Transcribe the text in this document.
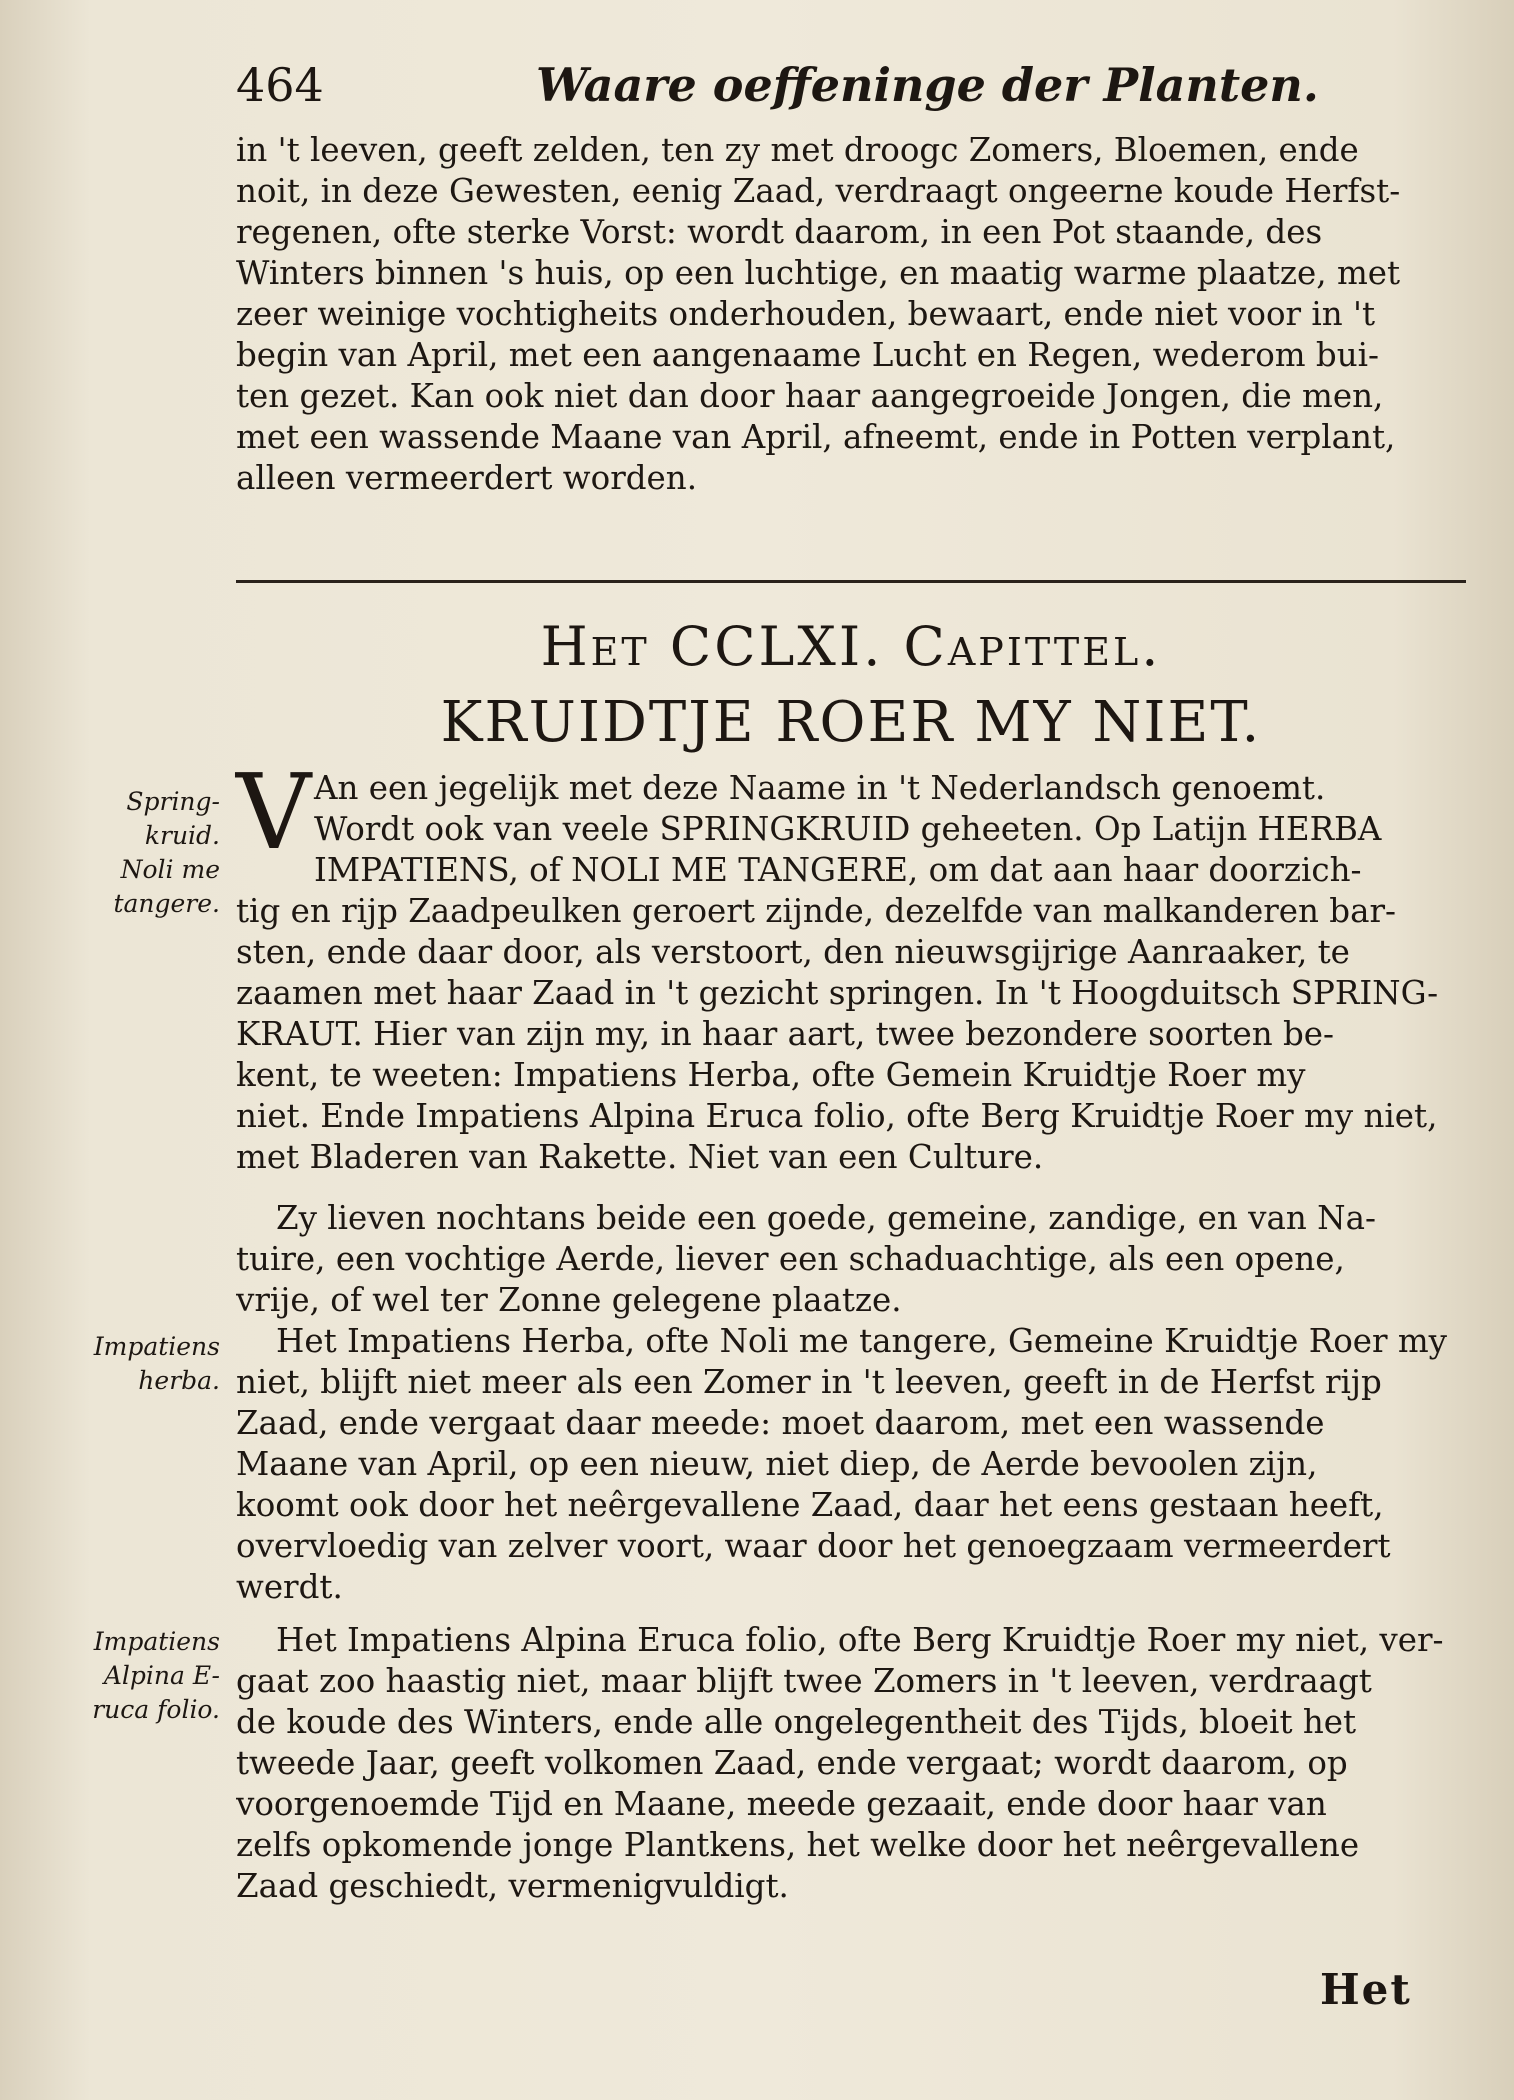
464	Waare oeffeninge der Planten.
in 't leeven, geeft zelden, ten zy met droogc Zomers, Bloemen, ende
noit, in deze Gewesten, eenig Zaad, verdraagt ongeerne koude Herfst-
regenen, ofte sterke Vorst: wordt daarom, in een Pot staande, des
Winters binnen 's huis, op een luchtige, en maatig warme plaatze, met
zeer weinige vochtigheits onderhouden, bewaart, ende niet voor in 't
begin van April, met een aangenaame Lucht en Regen, wederom bui-
ten gezet. Kan ook niet dan door haar aangegroeide Jongen, die men,
met een wassende Maane van April, afneemt, ende in Potten verplant,
alleen vermeerdert worden.
Het CCLXI. Capittel.
KRUIDTJE ROER MY NIET.
V An een jegelijk met deze Naame in 't Nederlandsch genoemt.
Wordt ook van veele SPRINGKRUID geheeten. Op Latijn HERBA
IMPATIENS, of NOLI ME TANGERE, om dat aan haar doorzich-
tig en rijp Zaadpeulken geroert zijnde, dezelfde van malkanderen bar-
sten, ende daar door, als verstoort, den nieuwsgijrige Aanraaker, te
zaamen met haar Zaad in 't gezicht springen. In 't Hoogduitsch SPRING-
KRAUT. Hier van zijn my, in haar aart, twee bezondere soorten be-
kent, te weeten: Impatiens Herba, ofte Gemein Kruidtje Roer my
niet. Ende Impatiens Alpina Eruca folio, ofte Berg Kruidtje Roer my niet,
met Bladeren van Rakette. Niet van een Culture.
Zy lieven nochtans beide een goede, gemeine, zandige, en van Na-
tuire, een vochtige Aerde, liever een schaduachtige, als een opene,
vrije, of wel ter Zonne gelegene plaatze.
Het Impatiens Herba, ofte Noli me tangere, Gemeine Kruidtje Roer my
niet, blijft niet meer als een Zomer in 't leeven, geeft in de Herfst rijp
Zaad, ende vergaat daar meede: moet daarom, met een wassende
Maane van April, op een nieuw, niet diep, de Aerde bevoolen zijn,
koomt ook door het neêrgevallene Zaad, daar het eens gestaan heeft,
overvloedig van zelver voort, waar door het genoegzaam vermeerdert
werdt.
Het Impatiens Alpina Eruca folio, ofte Berg Kruidtje Roer my niet, ver-
gaat zoo haastig niet, maar blijft twee Zomers in 't leeven, verdraagt
de koude des Winters, ende alle ongelegentheit des Tijds, bloeit het
tweede Jaar, geeft volkomen Zaad, ende vergaat; wordt daarom, op
voorgenoemde Tijd en Maane, meede gezaait, ende door haar van
zelfs opkomende jonge Plantkens, het welke door het neêrgevallene
Zaad geschiedt, vermenigvuldigt.
Spring-
kruid.
Noli me
tangere.
Impatiens
herba.
Impatiens
Alpina E-
ruca folio.
Het
